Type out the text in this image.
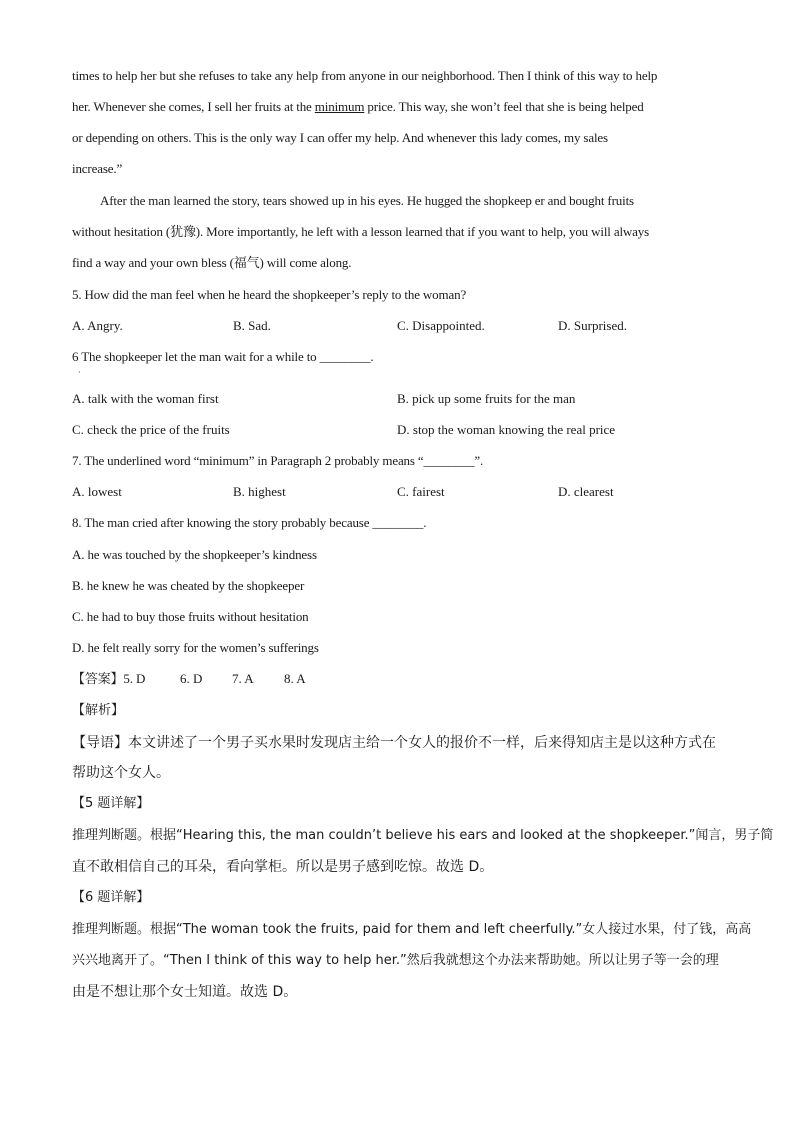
times to help her but she refuses to take any help from anyone in our neighborhood. Then I think of this way to help
her. Whenever she comes, I sell her fruits at the minimum price. This way, she won’t feel that she is being helped
or depending on others. This is the only way I can offer my help. And whenever this lady comes, my sales
increase.”
After the man learned the story, tears showed up in his eyes. He hugged the shopkeep er and bought fruits
without hesitation (犹豫). More importantly, he left with a lesson learned that if you want to help, you will always
find a way and your own bless (福气) will come along.
5. How did the man feel when he heard the shopkeeper’s reply to the woman?
A. Angry.	B. Sad.	C. Disappointed.	D. Surprised.
6 The shopkeeper let the man wait for a while to ________.
·
A. talk with the woman first	B. pick up some fruits for the man
C. check the price of the fruits	D. stop the woman knowing the real price
7. The underlined word “minimum” in Paragraph 2 probably means “________”.
A. lowest	B. highest	C. fairest	D. clearest
8. The man cried after knowing the story probably because ________.
A. he was touched by the shopkeeper’s kindness
B. he knew he was cheated by the shopkeeper
C. he had to buy those fruits without hesitation
D. he felt really sorry for the women’s sufferings
【答案】5. D	6. D 7. A 8. A
【解析】
【导语】本文讲述了一个男子买水果时发现店主给一个女人的报价不一样，后来得知店主是以这种方式在
帮助这个女人。
【5 题详解】
推理判断题。根据“Hearing this, the man couldn’t believe his ears and looked at the shopkeeper.”闻言，男子简
直不敢相信自己的耳朵，看向掌柜。所以是男子感到吃惊。故选 D。
【6 题详解】
推理判断题。根据“The woman took the fruits, paid for them and left cheerfully.”女人接过水果，付了钱，高高
兴兴地离开了。“Then I think of this way to help her.”然后我就想这个办法来帮助她。所以让男子等一会的理
由是不想让那个女士知道。故选 D。
